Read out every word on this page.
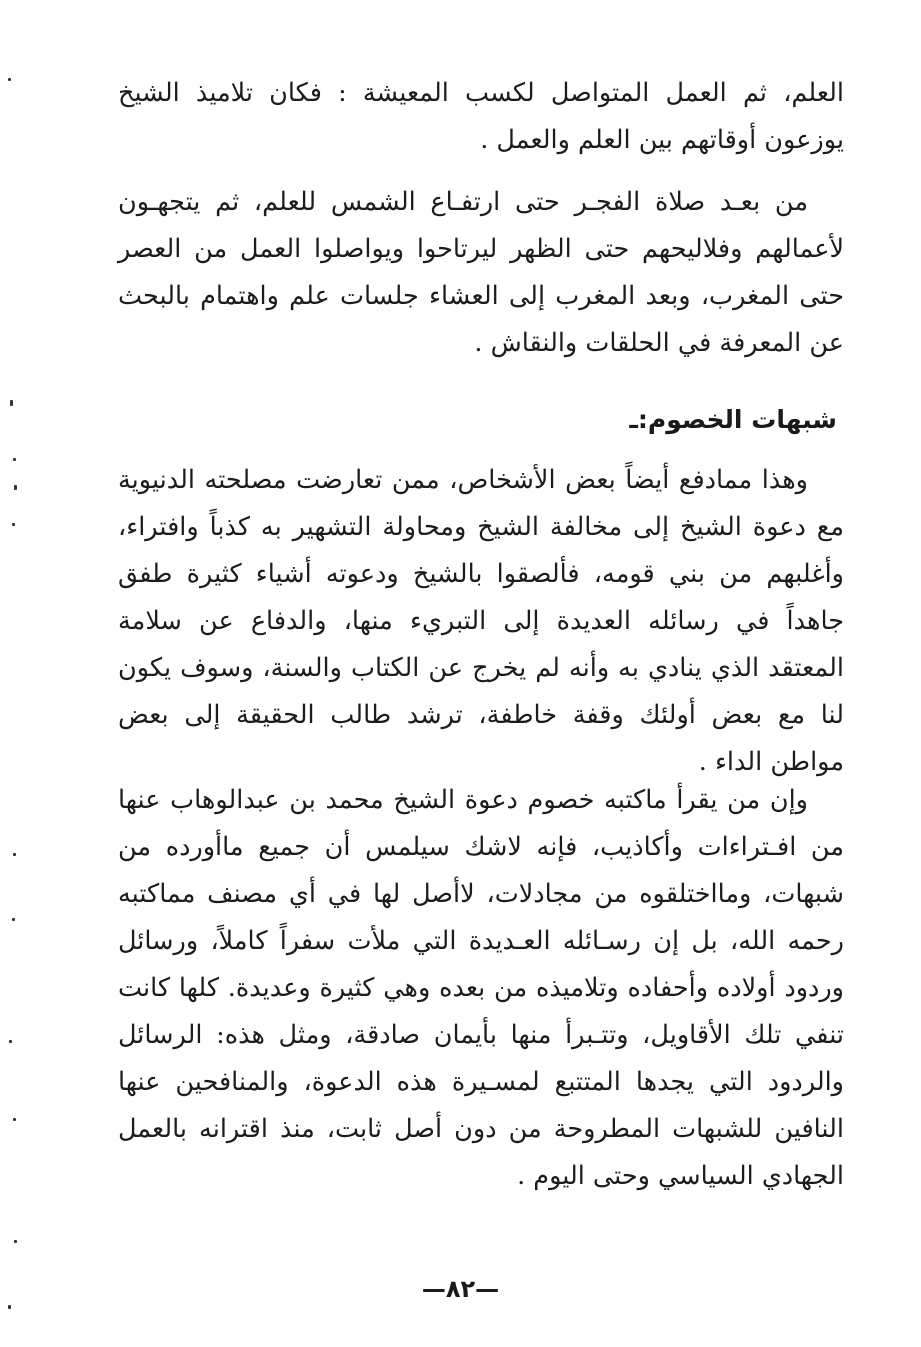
العلم، ثم العمل المتواصل لكسب المعيشة : فكان تلاميذ الشيخ يوزعون أوقاتهم بين العلم والعمل .

من بعـد صلاة الفجـر حتى ارتفـاع الشمس للعلم، ثم يتجهـون لأعمالهم وفلاليحهم حتى الظهر ليرتاحوا ويواصلوا العمل من العصر حتى المغرب، وبعد المغرب إلى العشاء جلسات علم واهتمام بالبحث عن المعرفة في الحلقات والنقاش .

شبهات الخصوم:ـ

وهذا ممادفع أيضاً بعض الأشخاص، ممن تعارضت مصلحته الدنيوية مع دعوة الشيخ إلى مخالفة الشيخ ومحاولة التشهير به كذباً وافتراء، وأغلبهم من بني قومه، فألصقوا بالشيخ ودعوته أشياء كثيرة طفق جاهداً في رسائله العديدة إلى التبريء منها، والدفاع عن سلامة المعتقد الذي ينادي به وأنه لم يخرج عن الكتاب والسنة، وسوف يكون لنا مع بعض أولئك وقفة خاطفة، ترشد طالب الحقيقة إلى بعض مواطن الداء .

وإن من يقرأ ماكتبه خصوم دعوة الشيخ محمد بن عبدالوهاب عنها من افـتراءات وأكاذيب، فإنه لاشك سيلمس أن جميع ماأورده من شبهات، ومااختلقوه من مجادلات، لاأصل لها في أي مصنف مماكتبه رحمه الله، بل إن رسـائله العـديدة التي ملأت سفراً كاملاً، ورسائل وردود أولاده وأحفاده وتلاميذه من بعده وهي كثيرة وعديدة. كلها كانت تنفي تلك الأقاويل، وتتـبرأ منها بأيمان صادقة، ومثل هذه: الرسائل والردود التي يجدها المتتبع لمسـيرة هذه الدعوة، والمنافحين عنها النافين للشبهات المطروحة من دون أصل ثابت، منذ اقترانه بالعمل الجهادي السياسي وحتى اليوم .

—٨٢—
